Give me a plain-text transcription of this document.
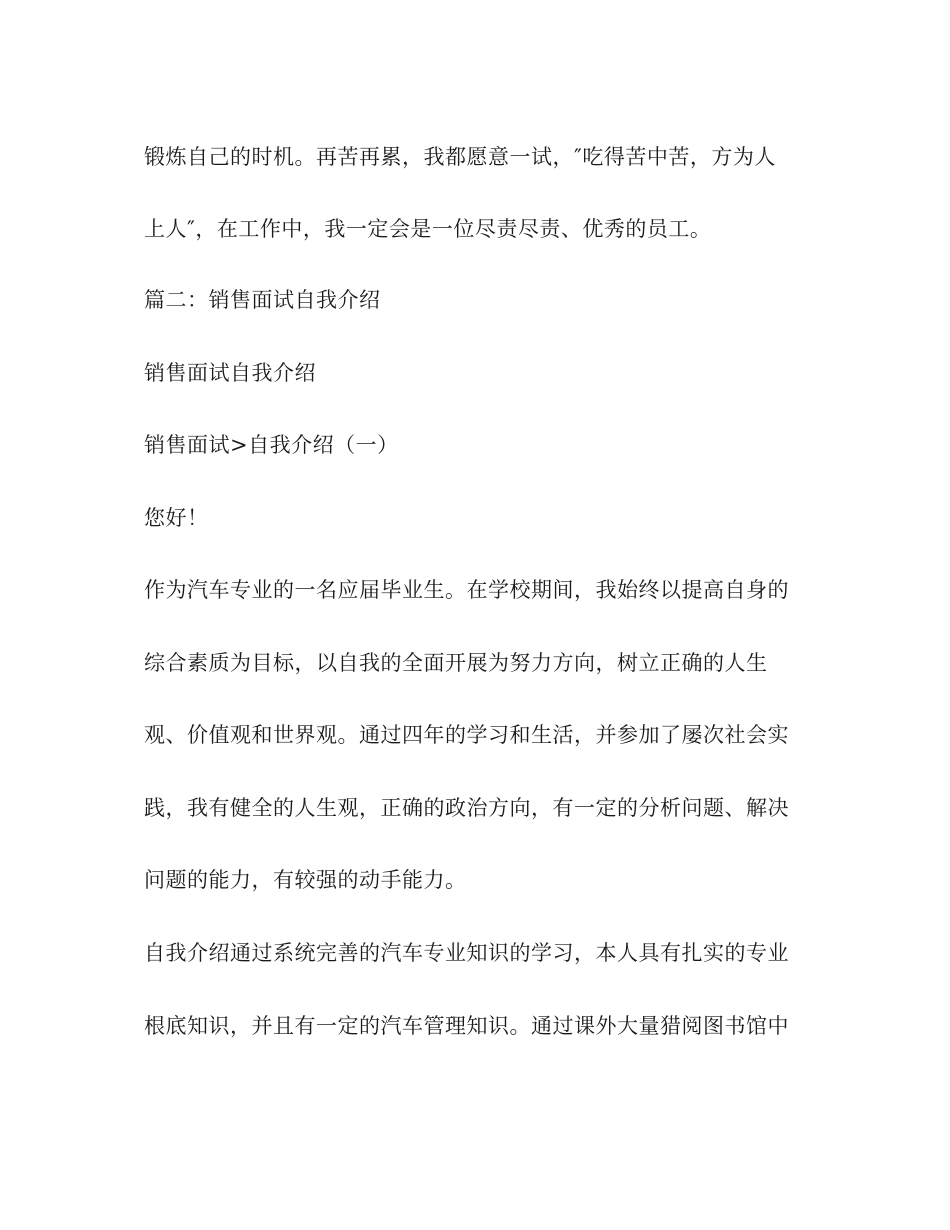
锻炼自己的时机。再苦再累，我都愿意一试，″吃得苦中苦，方为人
上人″，在工作中，我一定会是一位尽责尽责、优秀的员工。
篇二：销售面试自我介绍
销售面试自我介绍
销售面试>自我介绍（一）
您好！
作为汽车专业的一名应届毕业生。在学校期间，我始终以提高自身的
综合素质为目标，以自我的全面开展为努力方向，树立正确的人生
观、价值观和世界观。通过四年的学习和生活，并参加了屡次社会实
践，我有健全的人生观，正确的政治方向，有一定的分析问题、解决
问题的能力，有较强的动手能力。
自我介绍通过系统完善的汽车专业知识的学习，本人具有扎实的专业
根底知识，并且有一定的汽车管理知识。通过课外大量猎阅图书馆中
